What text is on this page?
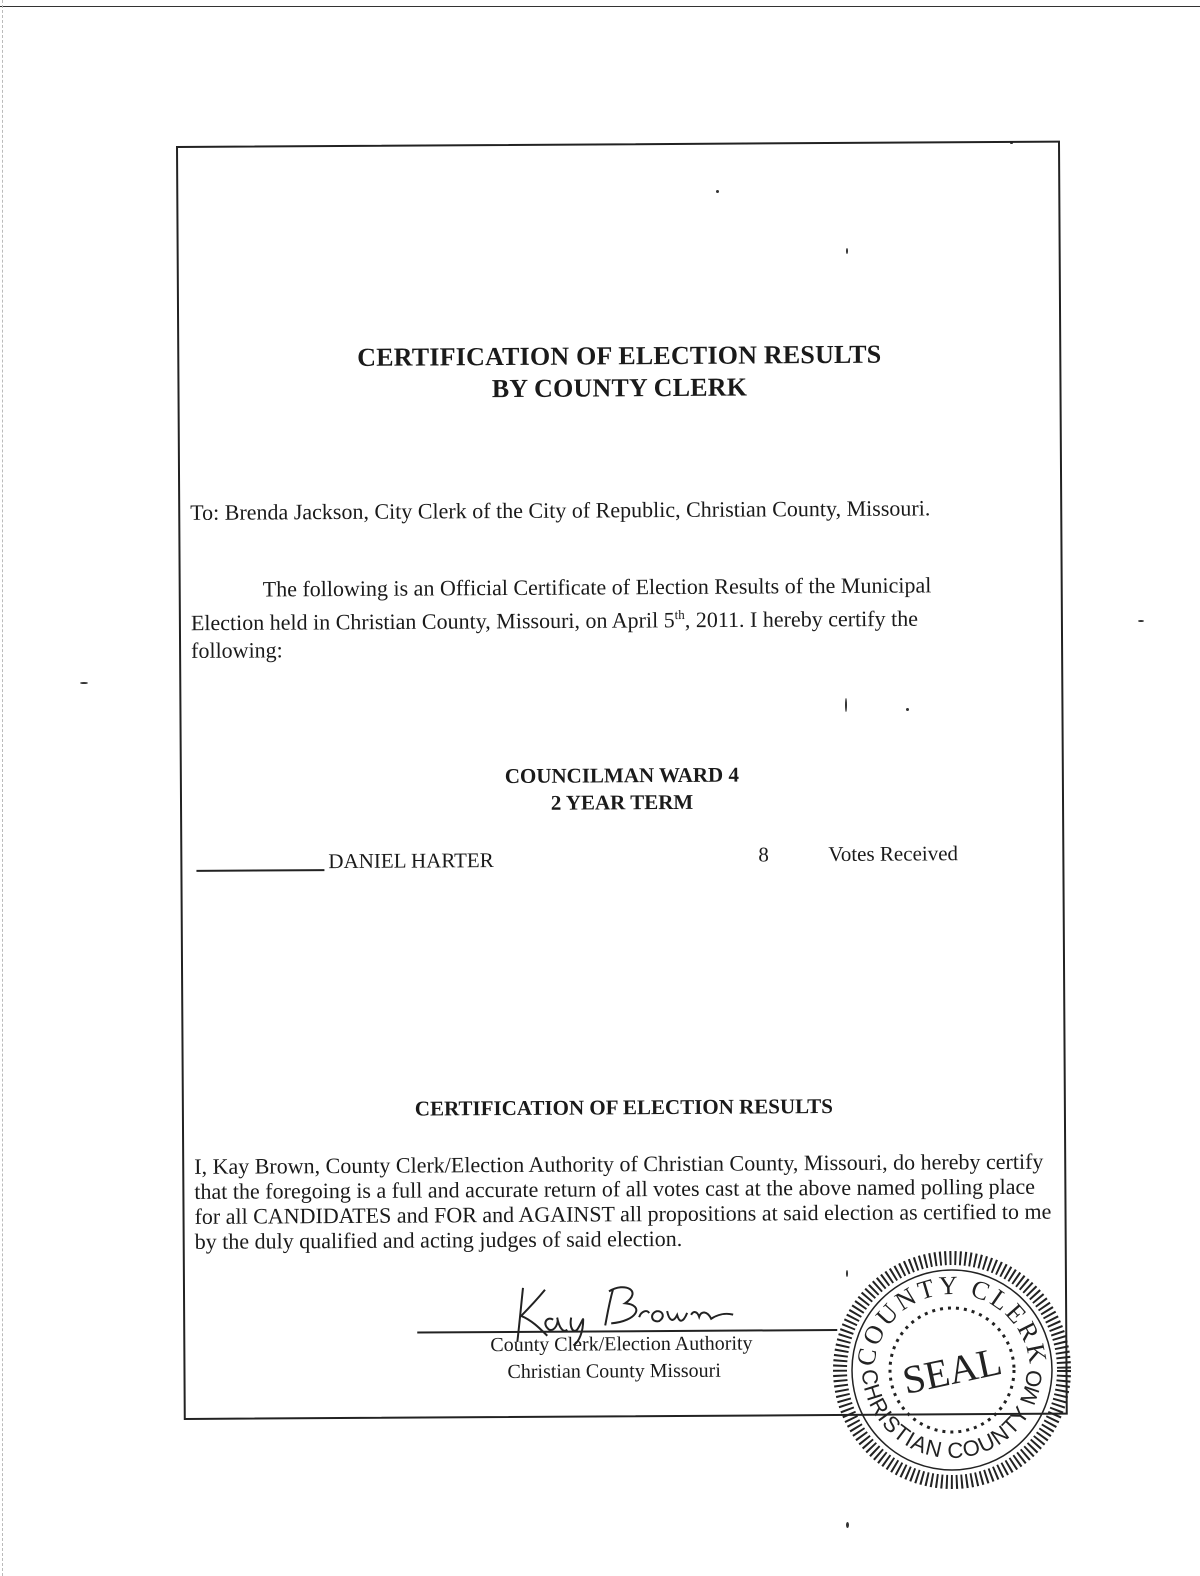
CERTIFICATION OF ELECTION RESULTS
BY COUNTY CLERK
To: Brenda Jackson, City Clerk of the City of Republic, Christian County, Missouri.
The following is an Official Certificate of Election Results of the Municipal Election held in Christian County, Missouri, on April 5th, 2011. I hereby certify the following:
COUNCILMAN WARD 4
2 YEAR TERM
DANIEL HARTER	8	Votes Received
CERTIFICATION OF ELECTION RESULTS
I, Kay Brown, County Clerk/Election Authority of Christian County, Missouri, do hereby certify that the foregoing is a full and accurate return of all votes cast at the above named polling place for all CANDIDATES and FOR and AGAINST all propositions at said election as certified to me by the duly qualified and acting judges of said election.
County Clerk/Election Authority
Christian County Missouri
COUNTY CLERK
CHRISTIAN COUNTY MO
SEAL
